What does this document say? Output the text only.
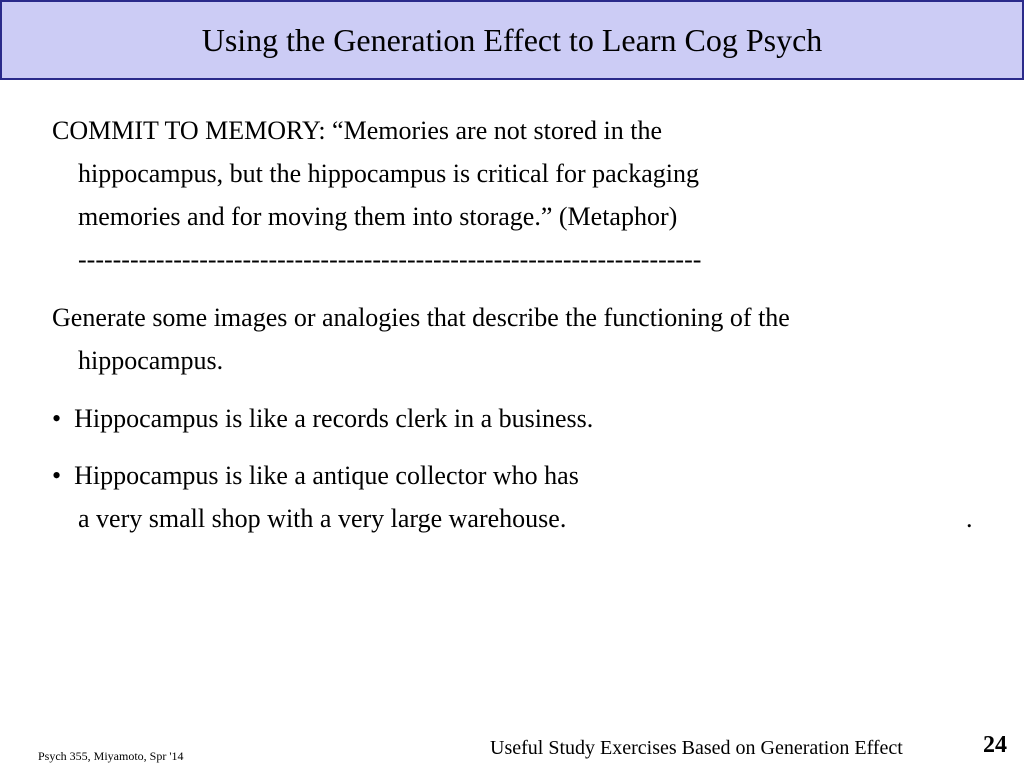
Using the Generation Effect to Learn Cog Psych
COMMIT TO MEMORY: “Memories are not stored in the
hippocampus, but the hippocampus is critical for packaging
memories and for moving them into storage.” (Metaphor)
------------------------------------------------------------------------
Generate some images or analogies that describe the functioning of the
hippocampus.
• Hippocampus is like a records clerk in a business.
• Hippocampus is like a antique collector who has
a very small shop with a very large warehouse.	.
Psych 355, Miyamoto, Spr '14	Useful Study Exercises Based on Generation Effect	24
